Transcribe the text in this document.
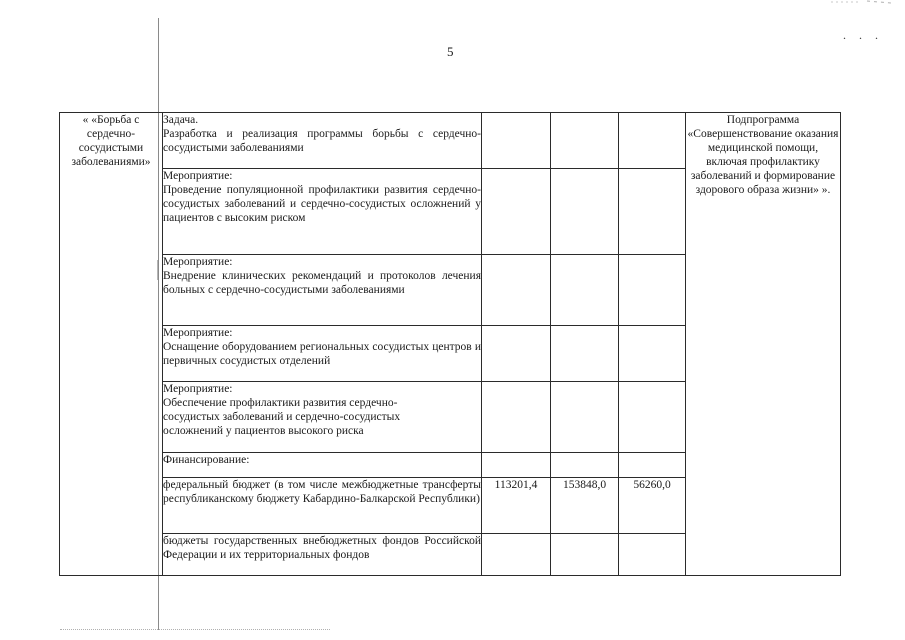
. . .
5
« «Борьба с сердечно-сосудистыми заболеваниями»	Задача.
Разработка и реализация программы борьбы с сердечно-сосудистыми заболеваниями				Подпрограмма «Совершенствование оказания медицинской помощи, включая профилактику заболеваний и формирование здорового образа жизни» ».

	Мероприятие:
Проведение популяционной профилактики развития сердечно-сосудистых заболеваний и сердечно-сосудистых осложнений у пациентов с высоким риском				

	Мероприятие:
Внедрение клинических рекомендаций и протоколов лечения больных с сердечно-сосудистыми заболеваниями				

	Мероприятие:
Оснащение оборудованием региональных сосудистых центров и первичных сосудистых отделений				

	Мероприятие:
Обеспечение профилактики развития сердечно-сосудистых заболеваний и сердечно-сосудистых осложнений у пациентов высокого риска				

	Финансирование:				

	федеральный бюджет (в том числе межбюджетные трансферты республиканскому бюджету Кабардино-Балкарской Республики)	113201,4	153848,0	56260,0	

	бюджеты государственных внебюджетных фондов Российской Федерации и их территориальных фондов				
